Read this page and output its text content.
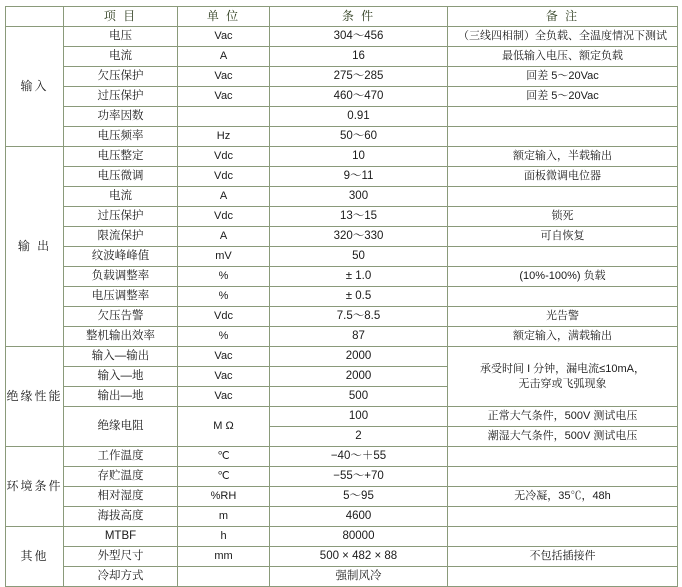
	项 目	单 位	条 件	备 注
输入	电压	Vac	304～456	（三线四相制）全负载、全温度情况下测试
	电流	A	16	最低输入电压、额定负载
	欠压保护	Vac	275～285	回差 5～20Vac
	过压保护	Vac	460～470	回差 5～20Vac
	功率因数		0.91	
	电压频率	Hz	50～60	
输 出	电压整定	Vdc	10	额定输入，半载输出
	电压微调	Vdc	9～11	面板微调电位器
	电流	A	300	
	过压保护	Vdc	13～15	锁死
	限流保护	A	320～330	可自恢复
	纹波峰峰值	mV	50	
	负载调整率	%	± 1.0	(10%-100%) 负载
	电压调整率	%	± 0.5	
	欠压告警	Vdc	7.5～8.5	光告警
	整机输出效率	%	87	额定输入，满载输出
绝缘性能	输入—输出	Vac	2000	承受时间 I 分钟，漏电流≤10mA，
无击穿或飞弧现象

	输入—地	Vac	2000	
	输出—地	Vac	500	
	绝缘电阻	M Ω	100	正常大气条件，500V 测试电压
			2	潮湿大气条件，500V 测试电压
环境条件	工作温度	℃	−40～＋55	
	存贮温度	℃	−55～+70	
	相对湿度	%RH	5～95	无冷凝，35℃，48h
	海拔高度	m	4600	
其他	MTBF	h	80000	
	外型尺寸	mm	500 × 482 × 88	不包括插接件
	冷却方式		强制风冷	
